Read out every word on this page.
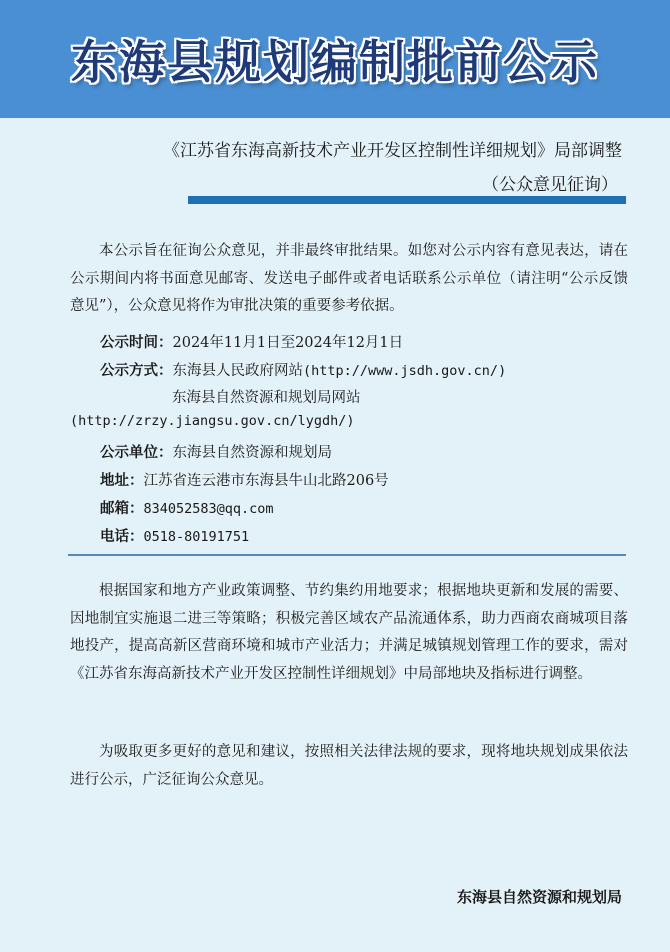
东海县规划编制批前公示
《江苏省东海高新技术产业开发区控制性详细规划》局部调整
（公众意见征询）

本公示旨在征询公众意见，并非最终审批结果。如您对公示内容有意见表达，请在公示期间内将书面意见邮寄、发送电子邮件或者电话联系公示单位（请注明“公示反馈意见”），公众意见将作为审批决策的重要参考依据。

公示时间：2024年11月1日至2024年12月1日
公示方式：东海县人民政府网站(http://www.jsdh.gov.cn/)
东海县自然资源和规划局网站
(http://zrzy.jiangsu.gov.cn/lygdh/)
公示单位：东海县自然资源和规划局
地址：江苏省连云港市东海县牛山北路206号
邮箱：834052583@qq.com
电话：0518-80191751

根据国家和地方产业政策调整、节约集约用地要求；根据地块更新和发展的需要、因地制宜实施退二进三等策略；积极完善区域农产品流通体系，助力西商农商城项目落地投产，提高高新区营商环境和城市产业活力；并满足城镇规划管理工作的要求，需对《江苏省东海高新技术产业开发区控制性详细规划》中局部地块及指标进行调整。

为吸取更多更好的意见和建议，按照相关法律法规的要求，现将地块规划成果依法进行公示，广泛征询公众意见。

东海县自然资源和规划局
